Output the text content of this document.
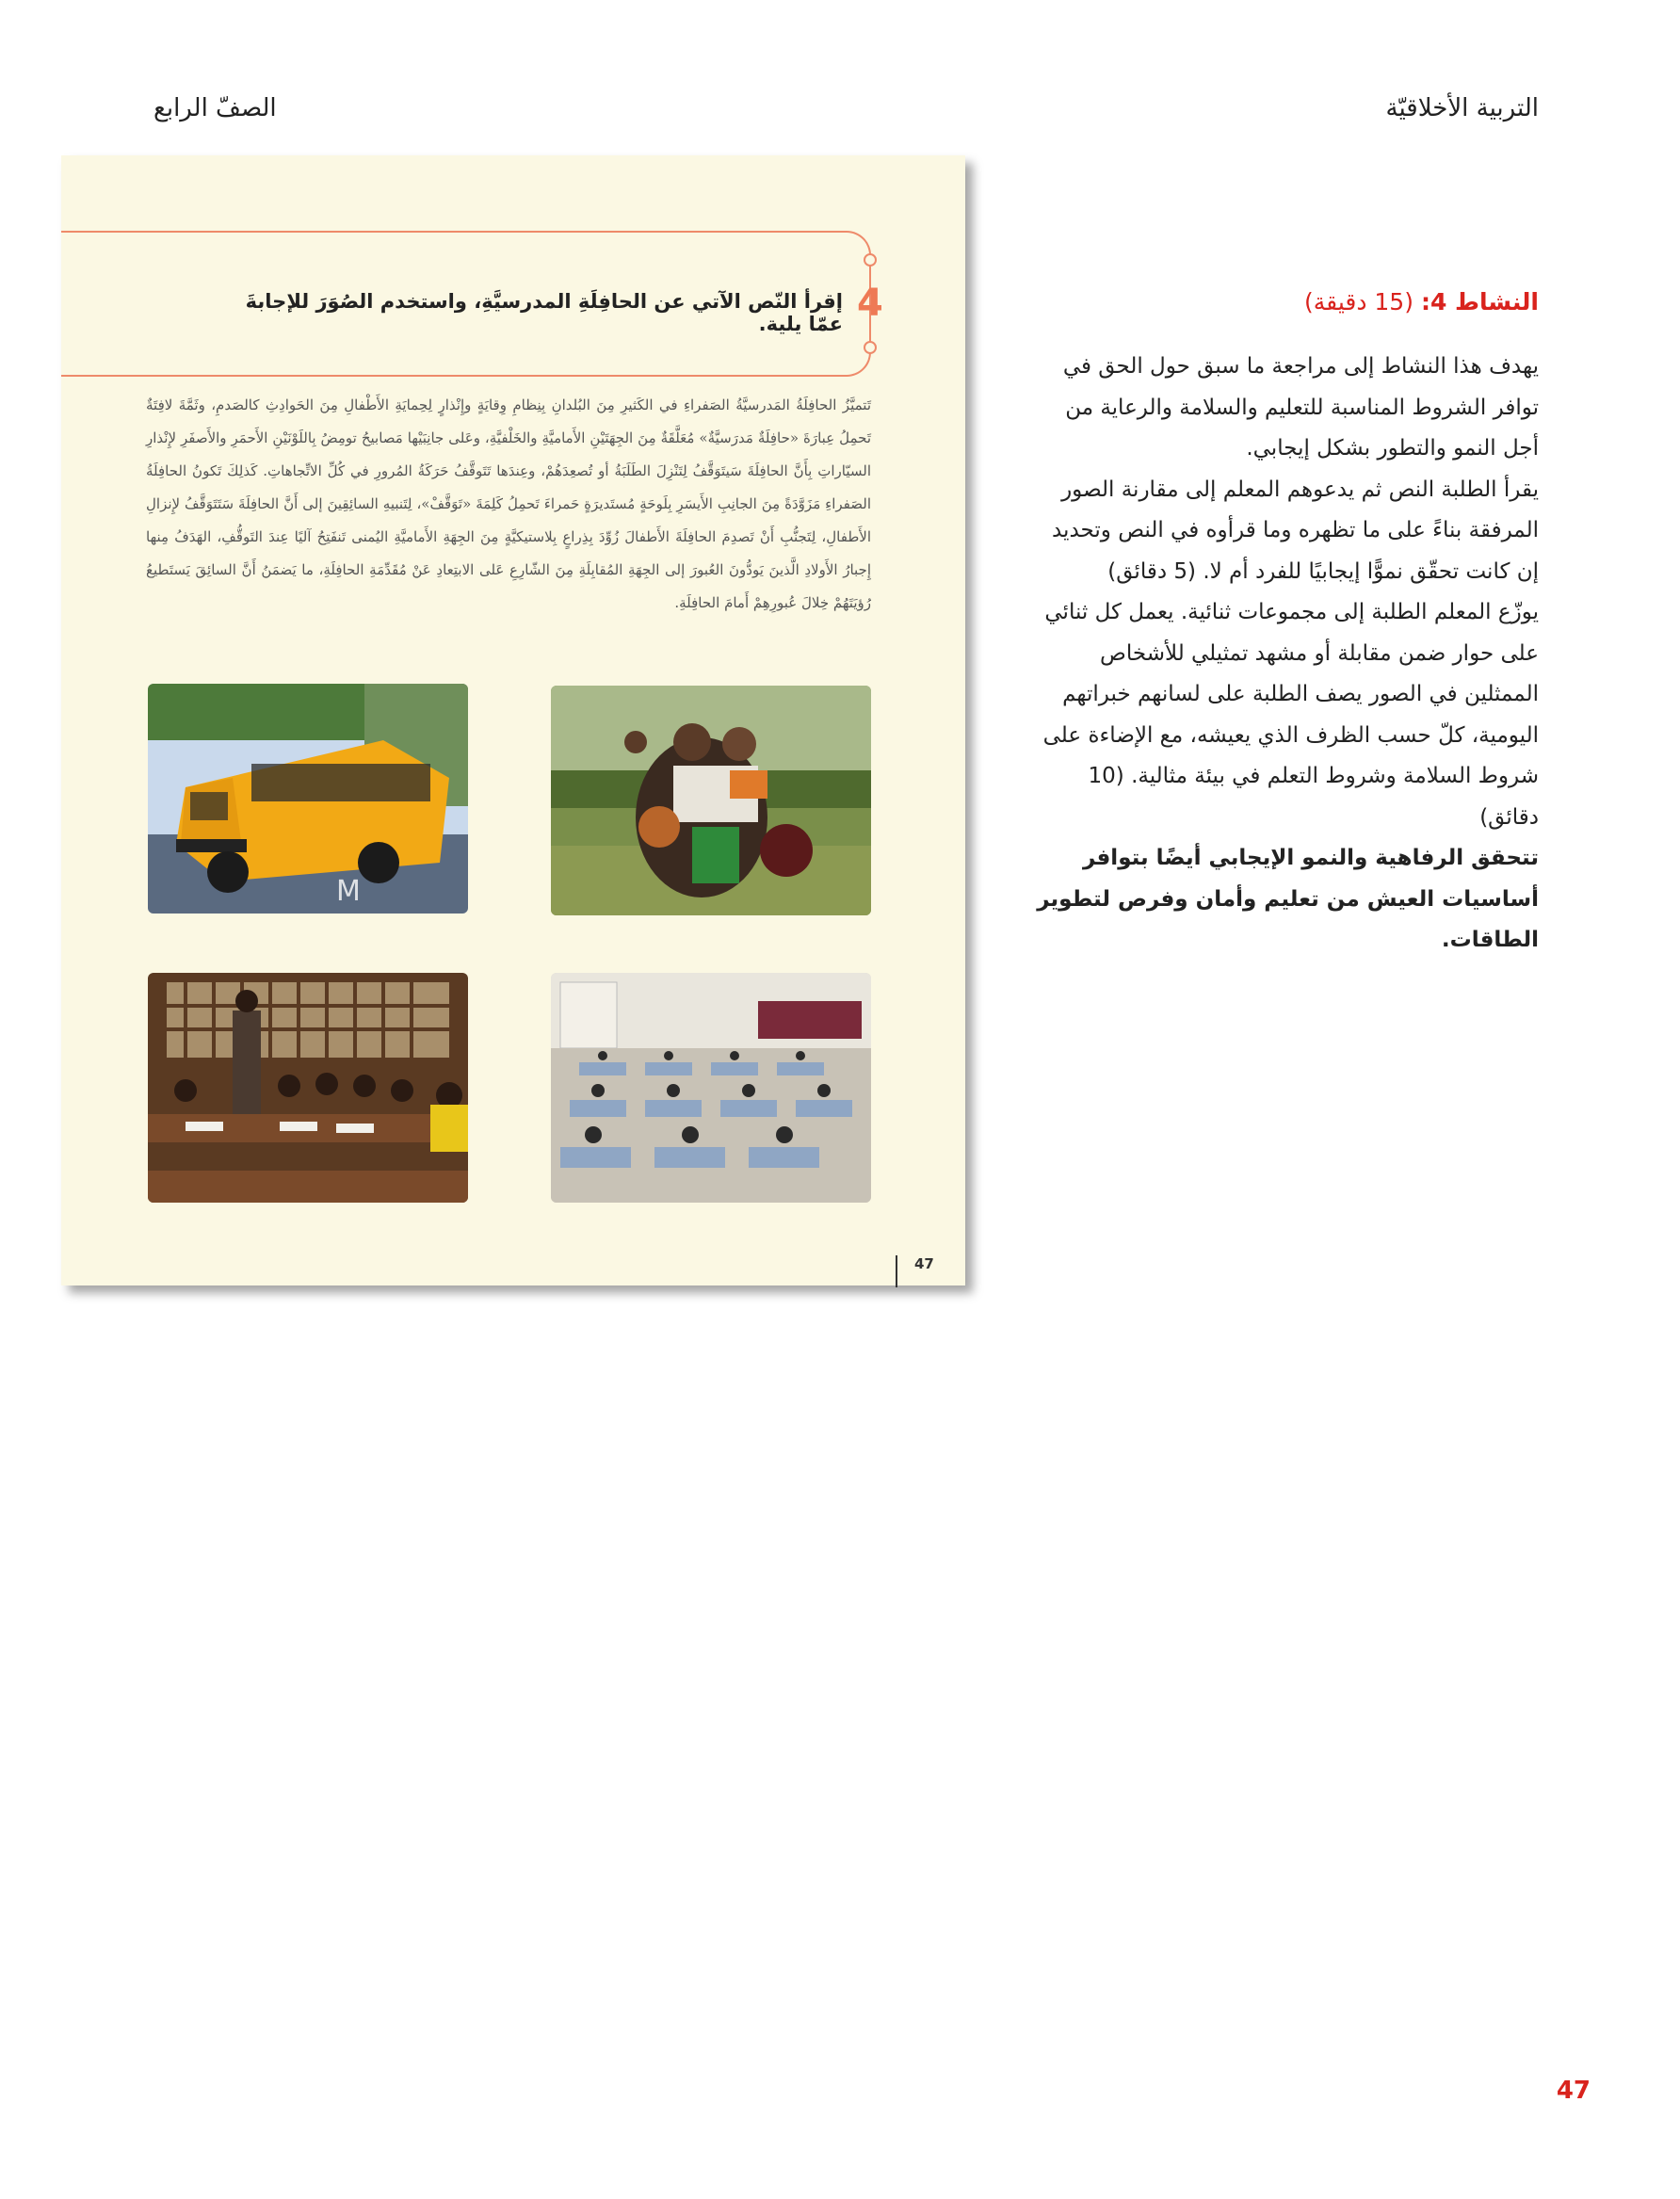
التربية الأخلاقيّة
الصفّ الرابع
4
إقرأ النّص الآتي عن الحافِلَةِ المدرسيَّةِ، واستخدم الصُوَرَ للإجابةَ عمّا يلية.
تَتميَّزُ الحافِلَةُ المَدرسيَّةُ الصَفراءِ في الكَثيرِ مِنَ البُلدانِ بِنِظامِ وِقايَةٍ وإِنْذارٍ لِحِمايَةِ الأَطْفالِ مِنَ الحَوادِثِ كالصَدمِ، وثَمَّةَ لافِتَةٌ تَحمِلُ عِبارَةَ «حافِلَةٌ مَدرَسيَّةٌ» مُعَلَّقَةٌ مِنَ الجِهَتَيْنِ الأَماميَّةِ والخَلْفيَّةِ، وعَلى جانِبَيْها مَصابيحُ تومِضُ بِاللَوْنَيْنِ الأَحمَرِ والأَصفَرِ لإِنْذارِ السيّاراتِ بِأَنَّ الحافِلَةَ سَيتَوَقَّفُ لِتَنْزِلَ الطَلَبَةُ أو تُصعِدَهُمْ، وعِندَها تَتَوقَّفُ حَرَكَةُ المُرورِ في كُلِّ الاتِّجاهاتِ. كَذلِكَ تَكونُ الحافِلَةُ الصَفراءِ مَزَوَّدَةً مِنَ الجانِبِ الأَيسَرِ بِلَوحَةٍ مُستَديرَةٍ حَمراءَ تَحمِلُ كَلِمَةَ «تَوَقَّفْ»، لِتَنبيهِ السائِقِينَ إلى أَنَّ الحافِلَةَ سَتَتَوَقَّفُ لإِنزالِ الأَطفالِ، لِتَجنُّبِ أَنْ تَصدِمَ الحافِلَةَ الأَطفالَ زُوِّدَ بِذِراعٍ بِلاستيكيَّةٍ مِنَ الجِهَةِ الأَماميَّةِ اليُمنى تَنفَتِحُ آليًا عِندَ التَوقُّفِ، الهَدَفُ مِنها إِجبارُ الأَولادِ الَّذينَ يَودُّونَ العُبورَ إلى الجِهَةِ المُقابِلَةِ مِنَ الشّارِعِ عَلى الابتِعادِ عَنْ مُقَدِّمَةِ الحافِلَةِ، ما يَضمَنُ أَنَّ السائِقَ يَستَطيعُ رُؤيَتَهُمْ خِلالَ عُبورِهِمْ أَمامَ الحافِلَةِ.
M
47
النشاط 4: (15 دقيقة)

يهدف هذا النشاط إلى مراجعة ما سبق حول الحق في توافر الشروط المناسبة للتعليم والسلامة والرعاية من أجل النمو والتطور بشكل إيجابي.

يقرأ الطلبة النص ثم يدعوهم المعلم إلى مقارنة الصور المرفقة بناءً على ما تظهره وما قرأوه في النص وتحديد إن كانت تحقّق نموًّا إيجابيًا للفرد أم لا. (5 دقائق)

يوزّع المعلم الطلبة إلى مجموعات ثنائية. يعمل كل ثنائي على حوار ضمن مقابلة أو مشهد تمثيلي للأشخاص الممثلين في الصور يصف الطلبة على لسانهم خبراتهم اليومية، كلّ حسب الظرف الذي يعيشه، مع الإضاءة على شروط السلامة وشروط التعلم في بيئة مثالية. (10 دقائق)

تتحقق الرفاهية والنمو الإيجابي أيضًا بتوافر أساسيات العيش من تعليم وأمان وفرص لتطوير الطاقات.

47
